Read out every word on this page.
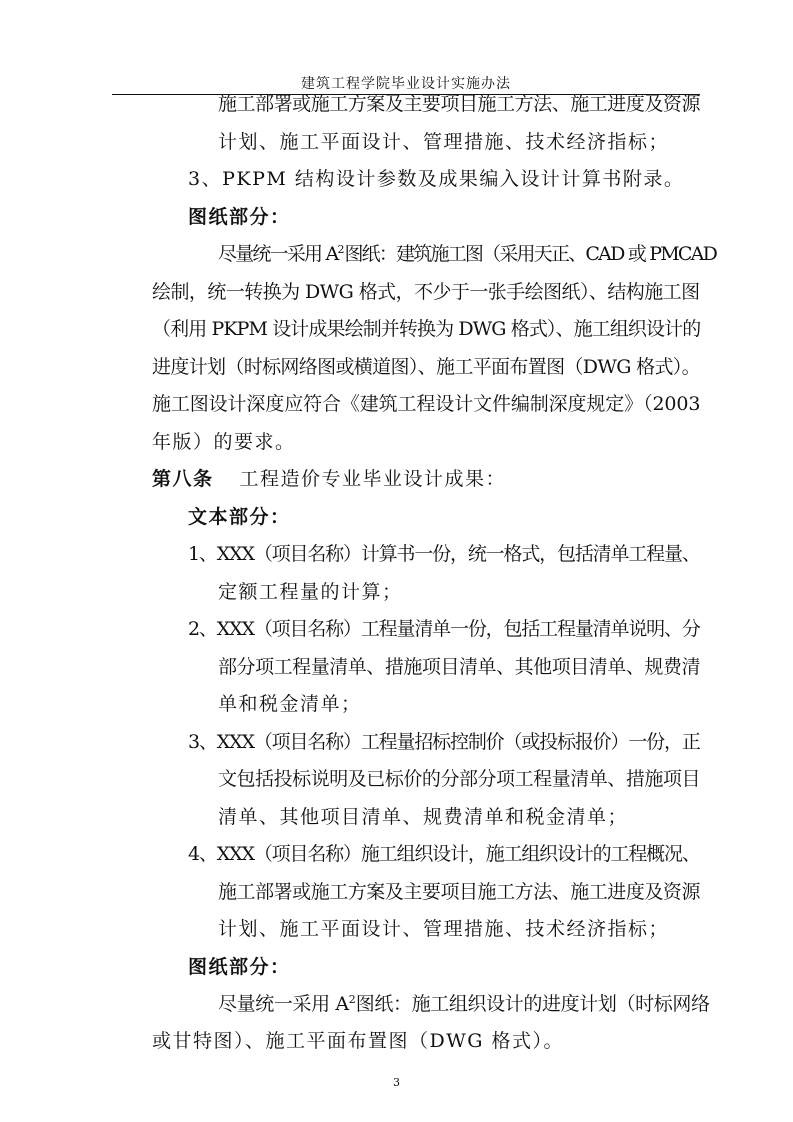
建筑工程学院毕业设计实施办法
施工部署或施工方案及主要项目施工方法、施工进度及资源
计划、施工平面设计、管理措施、技术经济指标；
3、PKPM 结构设计参数及成果编入设计计算书附录。
图纸部分：
尽量统一采用 $A^2$图纸：建筑施工图（采用天正、CAD 或 PMCAD
绘制，统一转换为 DWG 格式，不少于一张手绘图纸）、结构施工图
（利用 PKPM 设计成果绘制并转换为 DWG 格式）、施工组织设计的
进度计划（时标网络图或横道图）、施工平面布置图（DWG 格式）。
施工图设计深度应符合《建筑工程设计文件编制深度规定》（2003
年版）的要求。
第八条 工程造价专业毕业设计成果：
文本部分：
1、XXX（项目名称）计算书一份，统一格式，包括清单工程量、
定额工程量的计算；
2、XXX（项目名称）工程量清单一份，包括工程量清单说明、分
部分项工程量清单、措施项目清单、其他项目清单、规费清
单和税金清单；
3、XXX（项目名称）工程量招标控制价（或投标报价）一份，正
文包括投标说明及已标价的分部分项工程量清单、措施项目
清单、其他项目清单、规费清单和税金清单；
4、XXX（项目名称）施工组织设计，施工组织设计的工程概况、
施工部署或施工方案及主要项目施工方法、施工进度及资源
计划、施工平面设计、管理措施、技术经济指标；
图纸部分：
尽量统一采用 $A^2$图纸：施工组织设计的进度计划（时标网络
或甘特图）、施工平面布置图（DWG 格式）。
3
